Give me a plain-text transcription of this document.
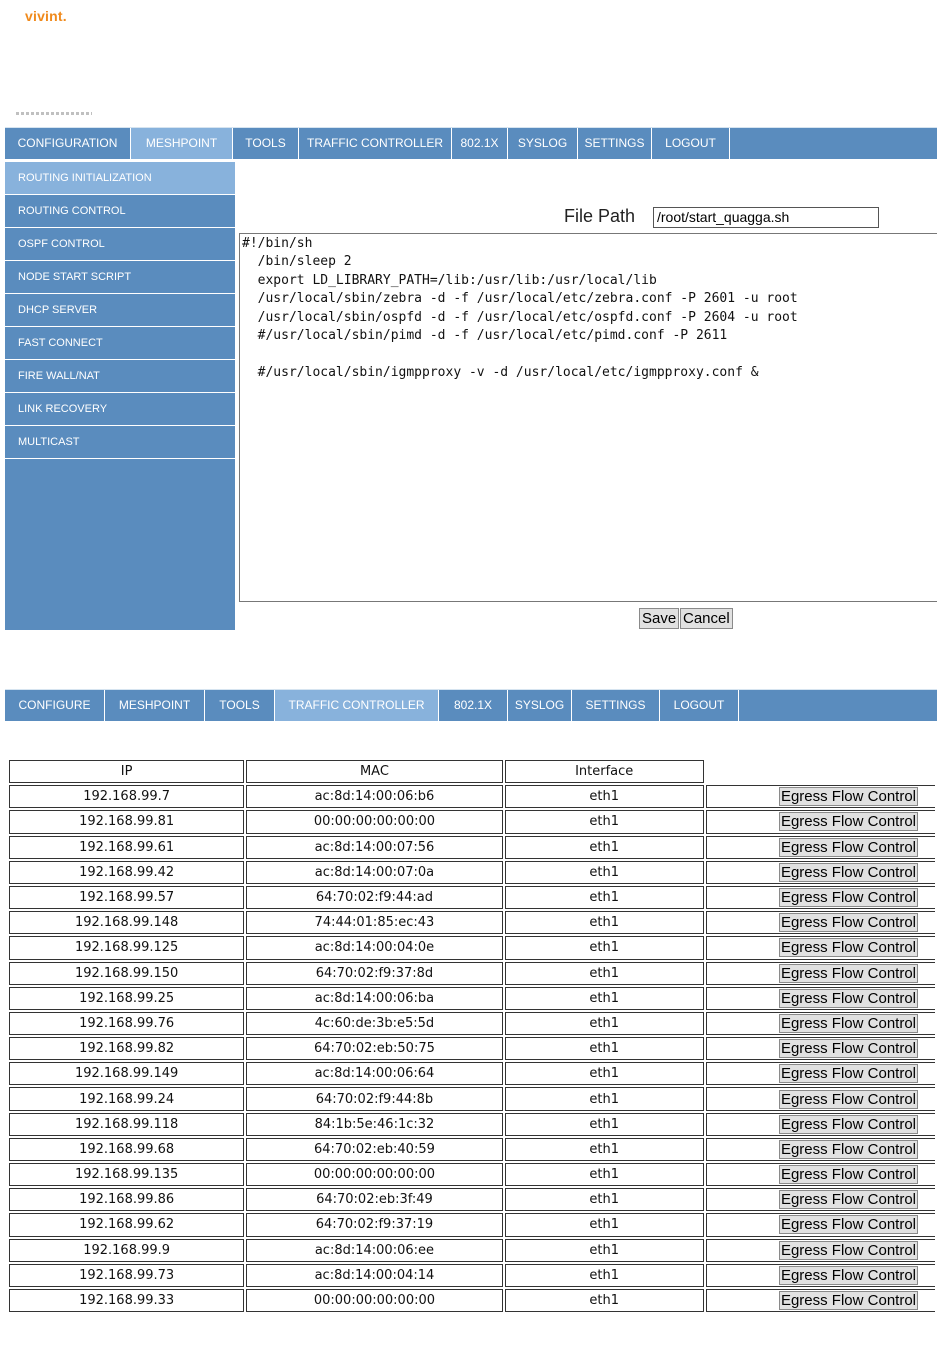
vivint.
CONFIGURATION	MESHPOINT	TOOLS	TRAFFIC CONTROLLER	802.1X	SYSLOG	SETTINGS	LOGOUT
ROUTING INITIALIZATION
ROUTING CONTROL
OSPF CONTROL
NODE START SCRIPT
DHCP SERVER
FAST CONNECT
FIRE WALL/NAT
LINK RECOVERY
MULTICAST
File Path /root/start_quagga.sh
#!/bin/sh
/bin/sleep 2
export LD_LIBRARY_PATH=/lib:/usr/lib:/usr/local/lib
/usr/local/sbin/zebra -d -f /usr/local/etc/zebra.conf -P 2601 -u root
/usr/local/sbin/ospfd -d -f /usr/local/etc/ospfd.conf -P 2604 -u root
#/usr/local/sbin/pimd -d -f /usr/local/etc/pimd.conf -P 2611

#/usr/local/sbin/igmpproxy -v -d /usr/local/etc/igmpproxy.conf &
Save Cancel
CONFIGURE	MESHPOINT	TOOLS	TRAFFIC CONTROLLER	802.1X	SYSLOG	SETTINGS	LOGOUT
IP	MAC	Interface	
192.168.99.7	ac:8d:14:00:06:b6	eth1	Egress Flow Control
192.168.99.81	00:00:00:00:00:00	eth1	Egress Flow Control
192.168.99.61	ac:8d:14:00:07:56	eth1	Egress Flow Control
192.168.99.42	ac:8d:14:00:07:0a	eth1	Egress Flow Control
192.168.99.57	64:70:02:f9:44:ad	eth1	Egress Flow Control
192.168.99.148	74:44:01:85:ec:43	eth1	Egress Flow Control
192.168.99.125	ac:8d:14:00:04:0e	eth1	Egress Flow Control
192.168.99.150	64:70:02:f9:37:8d	eth1	Egress Flow Control
192.168.99.25	ac:8d:14:00:06:ba	eth1	Egress Flow Control
192.168.99.76	4c:60:de:3b:e5:5d	eth1	Egress Flow Control
192.168.99.82	64:70:02:eb:50:75	eth1	Egress Flow Control
192.168.99.149	ac:8d:14:00:06:64	eth1	Egress Flow Control
192.168.99.24	64:70:02:f9:44:8b	eth1	Egress Flow Control
192.168.99.118	84:1b:5e:46:1c:32	eth1	Egress Flow Control
192.168.99.68	64:70:02:eb:40:59	eth1	Egress Flow Control
192.168.99.135	00:00:00:00:00:00	eth1	Egress Flow Control
192.168.99.86	64:70:02:eb:3f:49	eth1	Egress Flow Control
192.168.99.62	64:70:02:f9:37:19	eth1	Egress Flow Control
192.168.99.9	ac:8d:14:00:06:ee	eth1	Egress Flow Control
192.168.99.73	ac:8d:14:00:04:14	eth1	Egress Flow Control
192.168.99.33	00:00:00:00:00:00	eth1	Egress Flow Control
